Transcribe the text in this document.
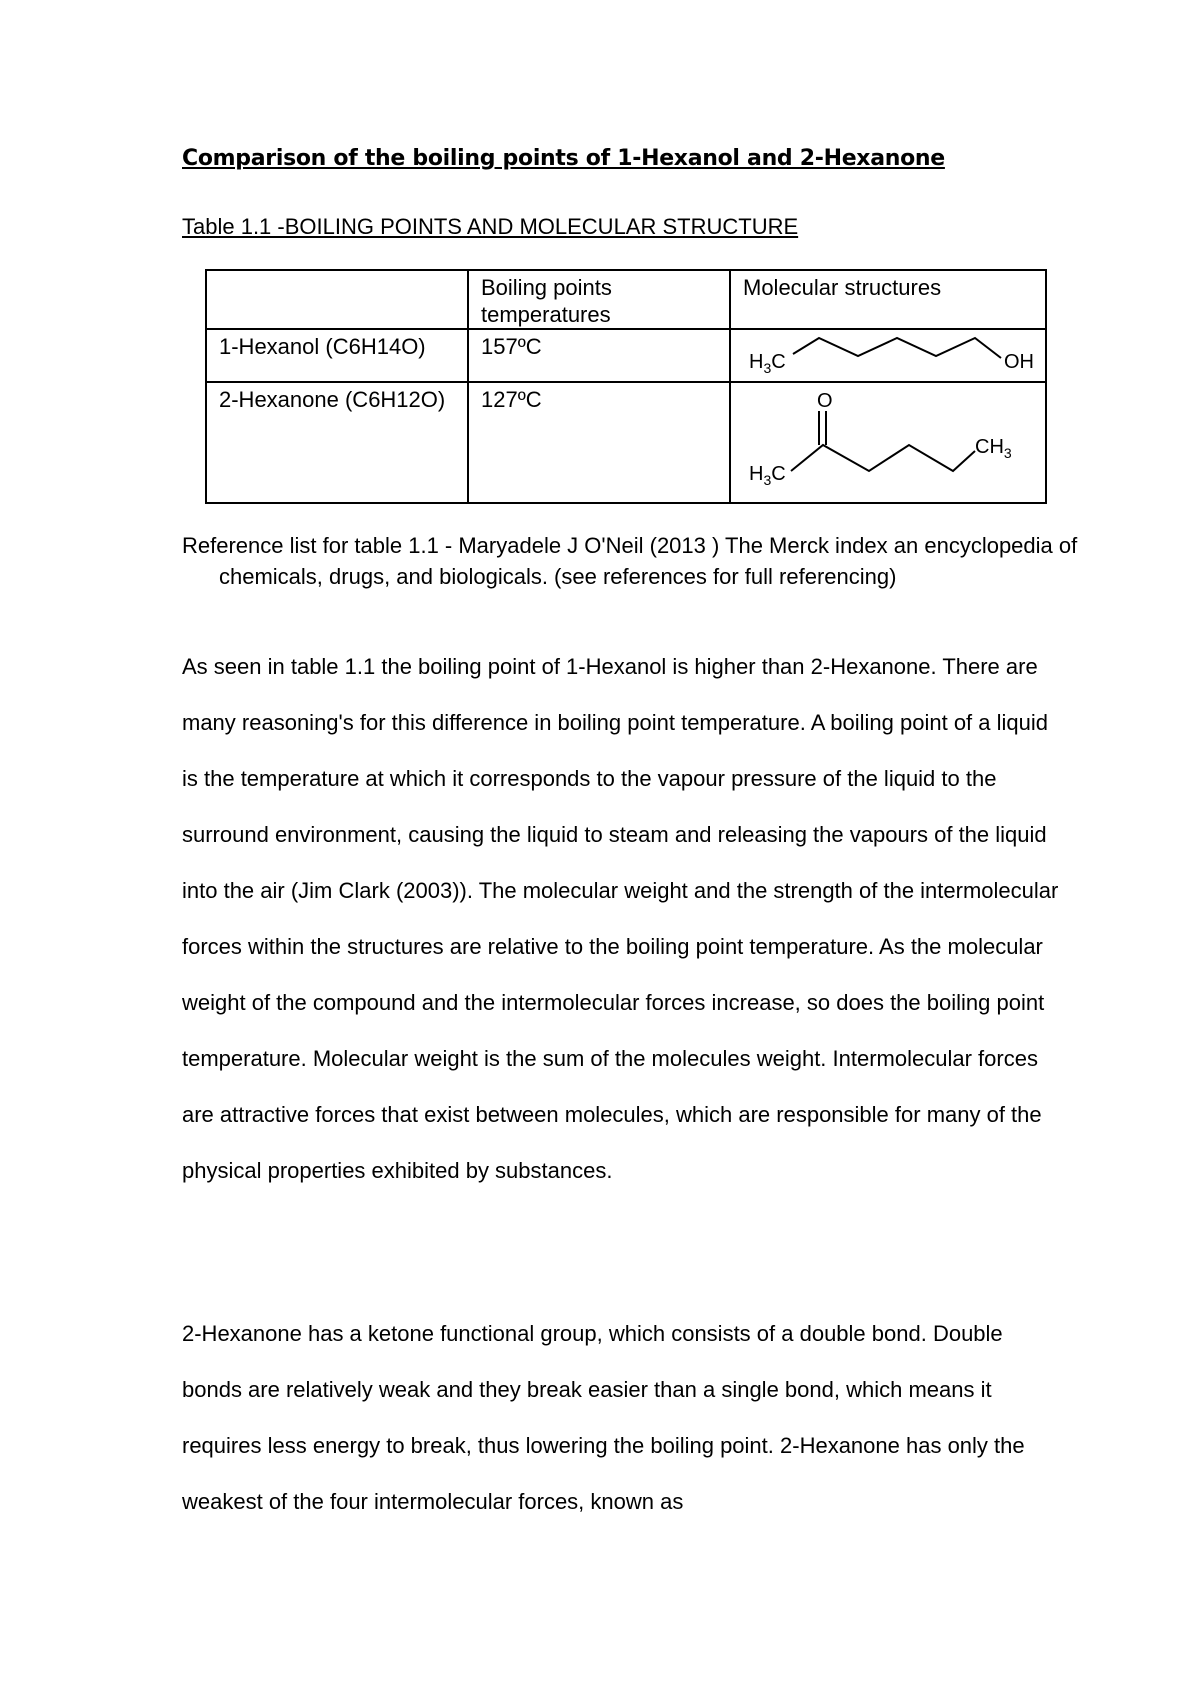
Comparison of the boiling points of 1-Hexanol and 2-Hexanone
Table 1.1 -BOILING POINTS AND MOLECULAR STRUCTURE
	Boiling points temperatures	Molecular structures
1-Hexanol (C6H14O)	157ºC	$H_3C$ OH

2-Hexanone (C6H12O)	127ºC	O
$H_3C$
$CH_3$
Reference list for table 1.1 - Maryadele J O'Neil (2013 ) The Merck index an encyclopedia of chemicals, drugs, and biologicals. (see references for full referencing)
As seen in table 1.1 the boiling point of 1-Hexanol is higher than 2-Hexanone. There are many reasoning's for this difference in boiling point temperature. A boiling point of a liquid is the temperature at which it corresponds to the vapour pressure of the liquid to the surround environment, causing the liquid to steam and releasing the vapours of the liquid into the air (Jim Clark (2003)). The molecular weight and the strength of the intermolecular forces within the structures are relative to the boiling point temperature. As the molecular weight of the compound and the intermolecular forces increase, so does the boiling point temperature. Molecular weight is the sum of the molecules weight. Intermolecular forces are attractive forces that exist between molecules, which are responsible for many of the physical properties exhibited by substances.
2-Hexanone has a ketone functional group, which consists of a double bond. Double bonds are relatively weak and they break easier than a single bond, which means it requires less energy to break, thus lowering the boiling point. 2-Hexanone has only the weakest of the four intermolecular forces, known as
